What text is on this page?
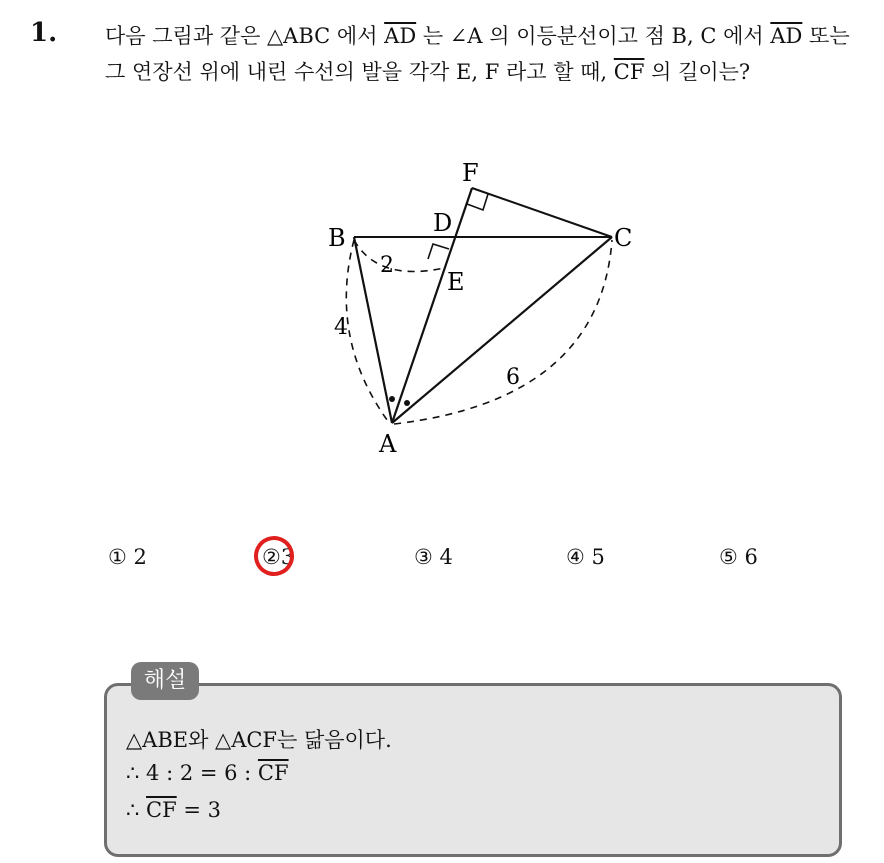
1. 다음 그림과 같은 △ABC 에서 $\overline{AD}$ 는 ∠A 의 이등분선이고 점 B, C 에서 $\overline{AD}$ 또는 그 연장선 위에 내린 수선의 발을 각각 E, F 라고 할 때, $\overline{CF}$ 의 길이는?
F
D
B	C
E
A
2
4
6
① 2	②3	③ 4	④ 5	⑤ 6
해설
△ABE와 △ACF는 닮음이다.
∴ 4 : 2 = 6 : $\overline{CF}$
∴ $\overline{CF} = 3$
